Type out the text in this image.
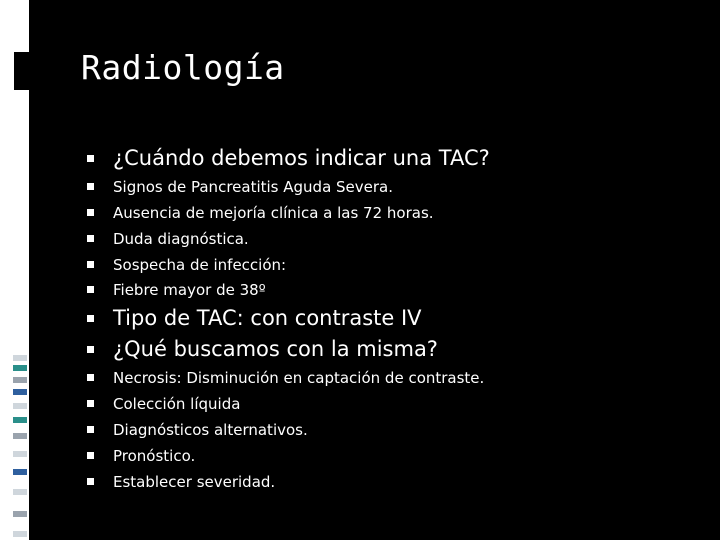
Radiología
¿Cuándo debemos indicar una TAC?
Signos de Pancreatitis Aguda Severa.
Ausencia de mejoría clínica a las 72 horas.
Duda diagnóstica.
Sospecha de infección:
Fiebre mayor de 38º
Tipo de TAC: con contraste IV
¿Qué buscamos con la misma?
Necrosis: Disminución en captación de contraste.
Colección líquida
Diagnósticos alternativos.
Pronóstico.
Establecer severidad.
